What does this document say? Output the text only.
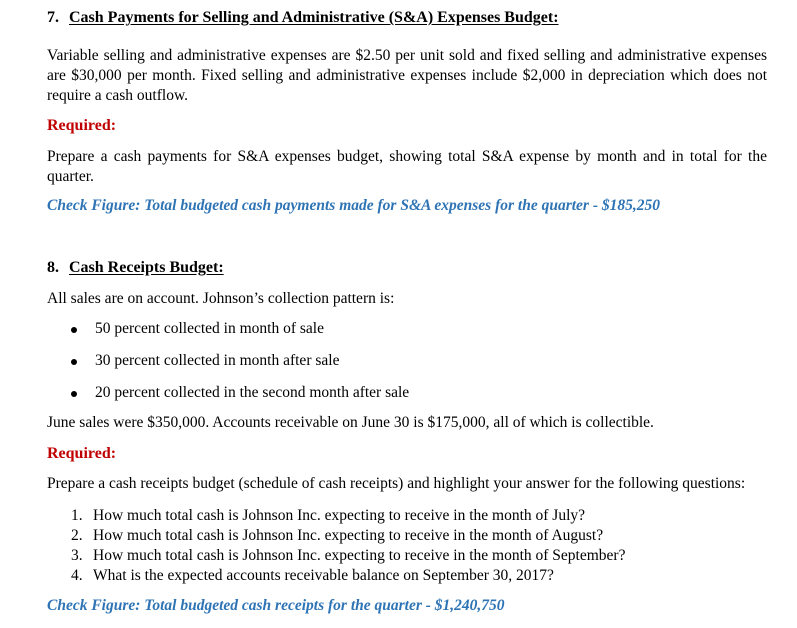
7. Cash Payments for Selling and Administrative (S&A) Expenses Budget:
Variable selling and administrative expenses are $2.50 per unit sold and fixed selling and administrative expenses are $30,000 per month. Fixed selling and administrative expenses include $2,000 in depreciation which does not require a cash outflow.
Required:
Prepare a cash payments for S&A expenses budget, showing total S&A expense by month and in total for the quarter.
Check Figure: Total budgeted cash payments made for S&A expenses for the quarter - $185,250
8. Cash Receipts Budget:
All sales are on account. Johnson’s collection pattern is:
50 percent collected in month of sale
30 percent collected in month after sale
20 percent collected in the second month after sale
June sales were $350,000. Accounts receivable on June 30 is $175,000, all of which is collectible.
Required:
Prepare a cash receipts budget (schedule of cash receipts) and highlight your answer for the following questions:
1. How much total cash is Johnson Inc. expecting to receive in the month of July?
2. How much total cash is Johnson Inc. expecting to receive in the month of August?
3. How much total cash is Johnson Inc. expecting to receive in the month of September?
4. What is the expected accounts receivable balance on September 30, 2017?
Check Figure: Total budgeted cash receipts for the quarter - $1,240,750
